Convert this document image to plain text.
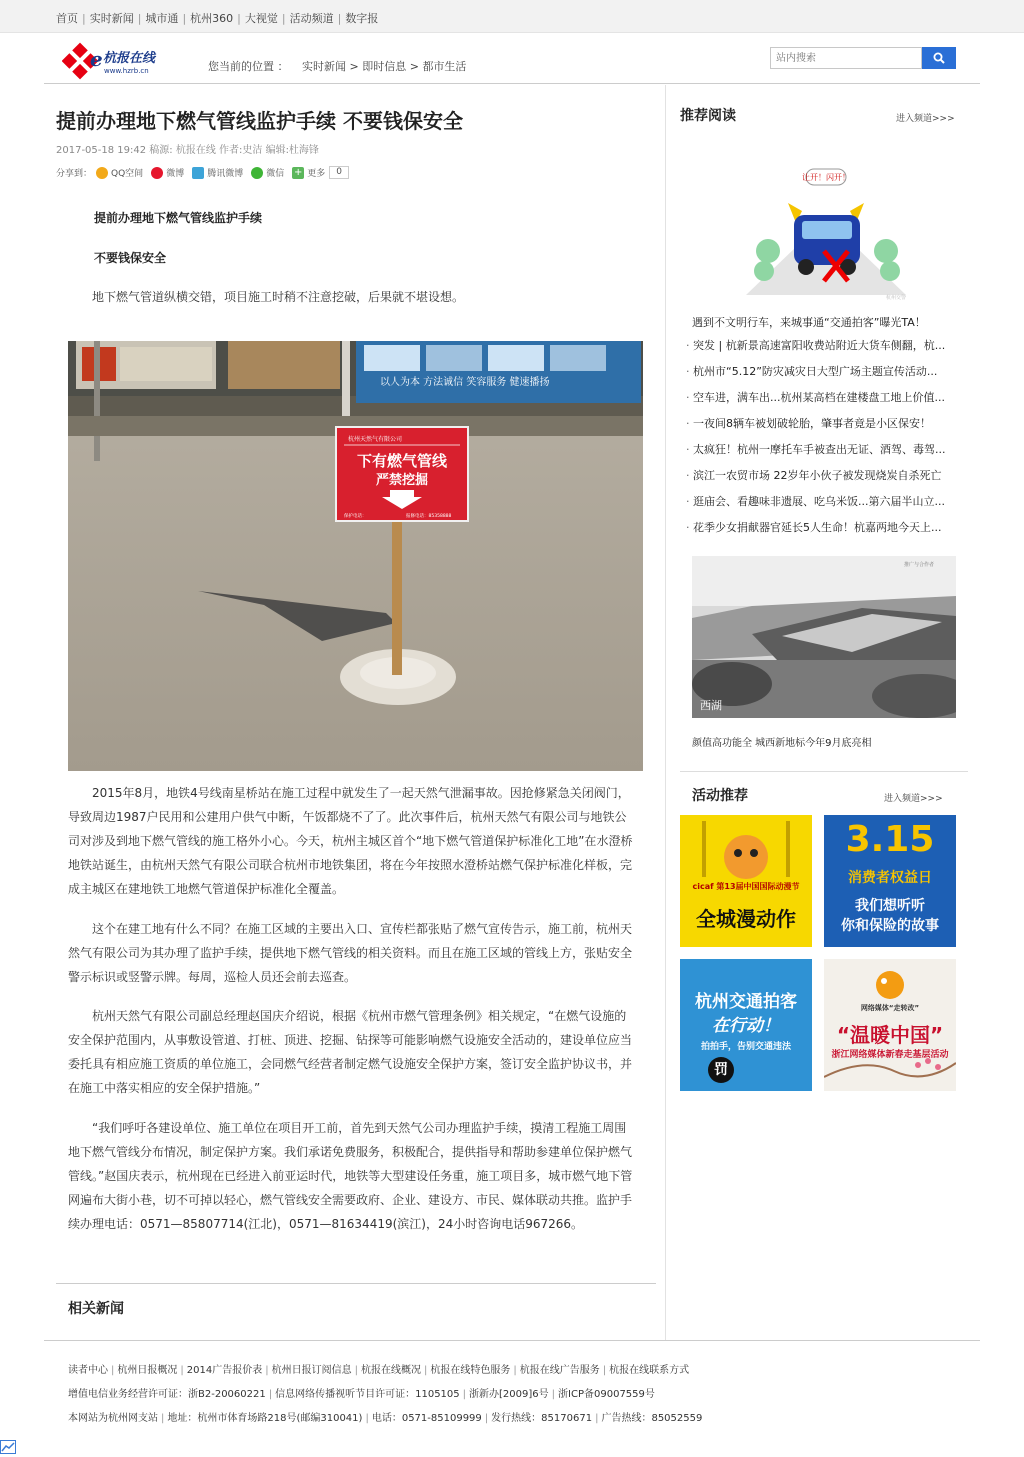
首页 | 实时新闻 | 城市通 | 杭州360 | 大视觉 | 活动频道 | 数字报
e 杭报在线
www.hzrb.cn	您当前的位置 ： 实时新闻 > 即时信息 > 都市生活
站内搜索
提前办理地下燃气管线监护手续 不要钱保安全
2017-05-18 19:42 稿源: 杭报在线 作者:史洁 编辑:杜海锋
分享到： QQ空间	微博	腾讯微博	微信 + 更多	0
提前办理地下燃气管线监护手续
不要钱保安全
地下燃气管道纵横交错，项目施工时稍不注意挖破，后果就不堪设想。
以人为本 方法诚信 笑容服务 健速播扬
杭州天然气有限公司
下有燃气管线
严禁挖掘
保护电话：	报修电话：85358888
2015年8月，地铁4号线南星桥站在施工过程中就发生了一起天然气泄漏事故。因抢修紧急关闭阀门，导致周边1987户民用和公建用户供气中断，午饭都烧不了了。此次事件后，杭州天然气有限公司与地铁公司对涉及到地下燃气管线的施工格外小心。今天，杭州主城区首个“地下燃气管道保护标准化工地”在水澄桥地铁站诞生，由杭州天然气有限公司联合杭州市地铁集团，将在今年按照水澄桥站燃气保护标准化样板，完成主城区在建地铁工地燃气管道保护标准化全覆盖。
这个在建工地有什么不同？在施工区域的主要出入口、宣传栏都张贴了燃气宣传告示，施工前，杭州天然气有限公司为其办理了监护手续，提供地下燃气管线的相关资料。而且在施工区域的管线上方，张贴安全警示标识或竖警示牌。每周，巡检人员还会前去巡查。
杭州天然气有限公司副总经理赵国庆介绍说，根据《杭州市燃气管理条例》相关规定，“在燃气设施的安全保护范围内，从事敷设管道、打桩、顶进、挖掘、钻探等可能影响燃气设施安全活动的，建设单位应当委托具有相应施工资质的单位施工，会同燃气经营者制定燃气设施安全保护方案，签订安全监护协议书，并在施工中落实相应的安全保护措施。”
“我们呼吁各建设单位、施工单位在项目开工前，首先到天然气公司办理监护手续，摸清工程施工周围地下燃气管线分布情况，制定保护方案。我们承诺免费服务，积极配合，提供指导和帮助参建单位保护燃气管线。”赵国庆表示，杭州现在已经进入前亚运时代，地铁等大型建设任务重，施工项目多，城市燃气地下管网遍布大街小巷，切不可掉以轻心，燃气管线安全需要政府、企业、建设方、市民、媒体联动共推。监护手续办理电话：0571—85807714(江北)，0571—81634419(滨江)，24小时咨询电话967266。
相关新闻
推荐阅读	进入频道>>>
让开！闪开！
杭州交警
遇到不文明行车，来城事通“交通拍客”曝光TA！
· 突发 | 杭新景高速富阳收费站附近大货车侧翻，杭...
· 杭州市“5.12”防灾减灾日大型广场主题宣传活动...
· 空车进，满车出...杭州某高档在建楼盘工地上价值...
· 一夜间8辆车被划破轮胎，肇事者竟是小区保安！
· 太疯狂！杭州一摩托车手被查出无证、酒驾、毒驾...
· 滨江一农贸市场 22岁年小伙子被发现烧炭自杀死亡
· 逛庙会、看趣味非遗展、吃乌米饭...第六届半山立...
· 花季少女捐献器官延长5人生命！杭嘉两地今天上...
推广与合作者
西湖
颜值高功能全 城西新地标今年9月底亮相
活动推荐	进入频道>>>
cicaf 第13届中国国际动漫节
全城漫动作
3.15
消费者权益日
我们想听听
你和保险的故事
杭州交通拍客
在行动！
拍拍手，告别交通违法
罚
网络媒体“走转改”
“温暖中国”
浙江网络媒体新春走基层活动
读者中心 | 杭州日报概况 | 2014广告报价表 | 杭州日报订阅信息 | 杭报在线概况 | 杭报在线特色服务 | 杭报在线广告服务 | 杭报在线联系方式
增值电信业务经营许可证：浙B2-20060221 | 信息网络传播视听节目许可证：1105105 | 浙新办[2009]6号 | 浙ICP备09007559号
本网站为杭州网支站 | 地址：杭州市体育场路218号(邮编310041) | 电话：0571-85109999 | 发行热线：85170671 | 广告热线：85052559
